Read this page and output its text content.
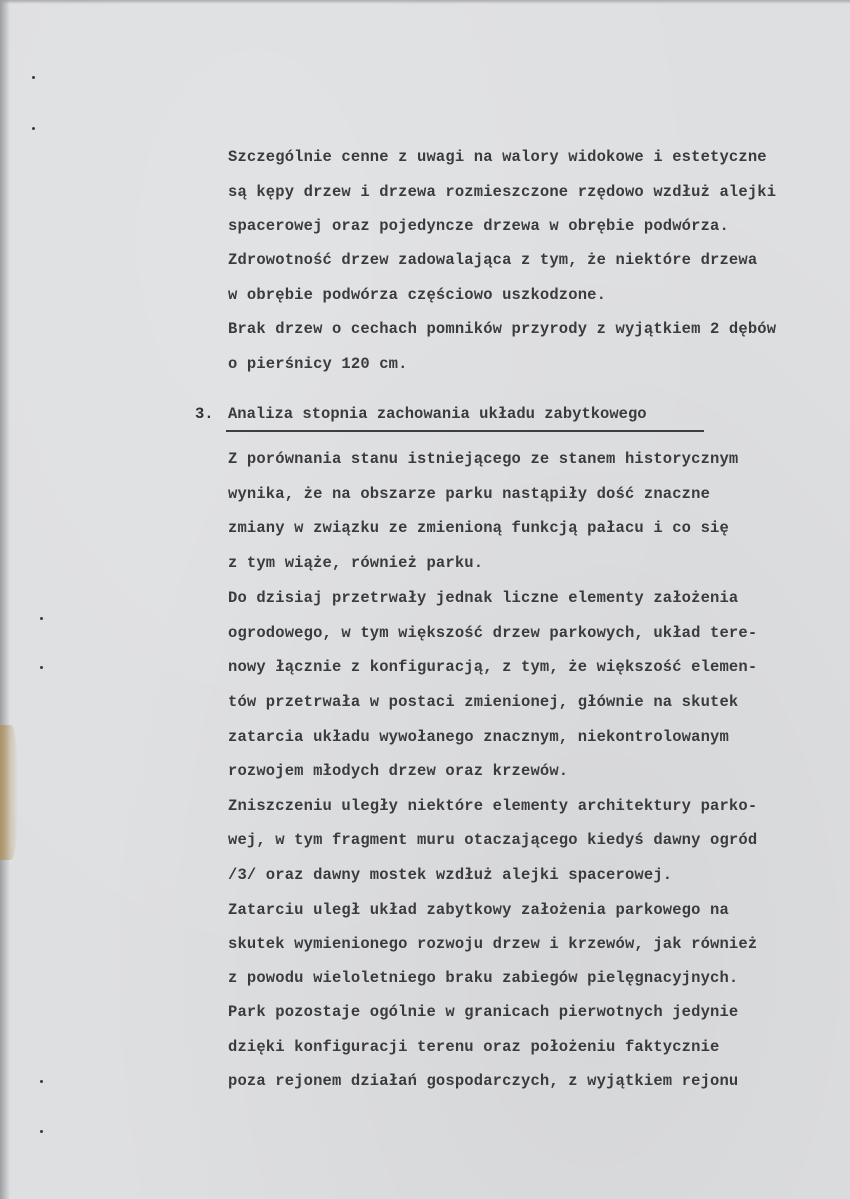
Szczególnie cenne z uwagi na walory widokowe i estetyczne
są kępy drzew i drzewa rozmieszczone rzędowo wzdłuż alejki
spacerowej oraz pojedyncze drzewa w obrębie podwórza.
Zdrowotność drzew zadowalająca z tym, że niektóre drzewa
w obrębie podwórza częściowo uszkodzone.
Brak drzew o cechach pomników przyrody z wyjątkiem 2 dębów
o pierśnicy 120 cm.
3. Analiza stopnia zachowania układu zabytkowego
Z porównania stanu istniejącego ze stanem historycznym
wynika, że na obszarze parku nastąpiły dość znaczne
zmiany w związku ze zmienioną funkcją pałacu i co się
z tym wiąże, również parku.
Do dzisiaj przetrwały jednak liczne elementy założenia
ogrodowego, w tym większość drzew parkowych, układ tere-
nowy łącznie z konfiguracją, z tym, że większość elemen-
tów przetrwała w postaci zmienionej, głównie na skutek
zatarcia układu wywołanego znacznym, niekontrolowanym
rozwojem młodych drzew oraz krzewów.
Zniszczeniu uległy niektóre elementy architektury parko-
wej, w tym fragment muru otaczającego kiedyś dawny ogród
/3/ oraz dawny mostek wzdłuż alejki spacerowej.
Zatarciu uległ układ zabytkowy założenia parkowego na
skutek wymienionego rozwoju drzew i krzewów, jak również
z powodu wieloletniego braku zabiegów pielęgnacyjnych.
Park pozostaje ogólnie w granicach pierwotnych jedynie
dzięki konfiguracji terenu oraz położeniu faktycznie
poza rejonem działań gospodarczych, z wyjątkiem rejonu
